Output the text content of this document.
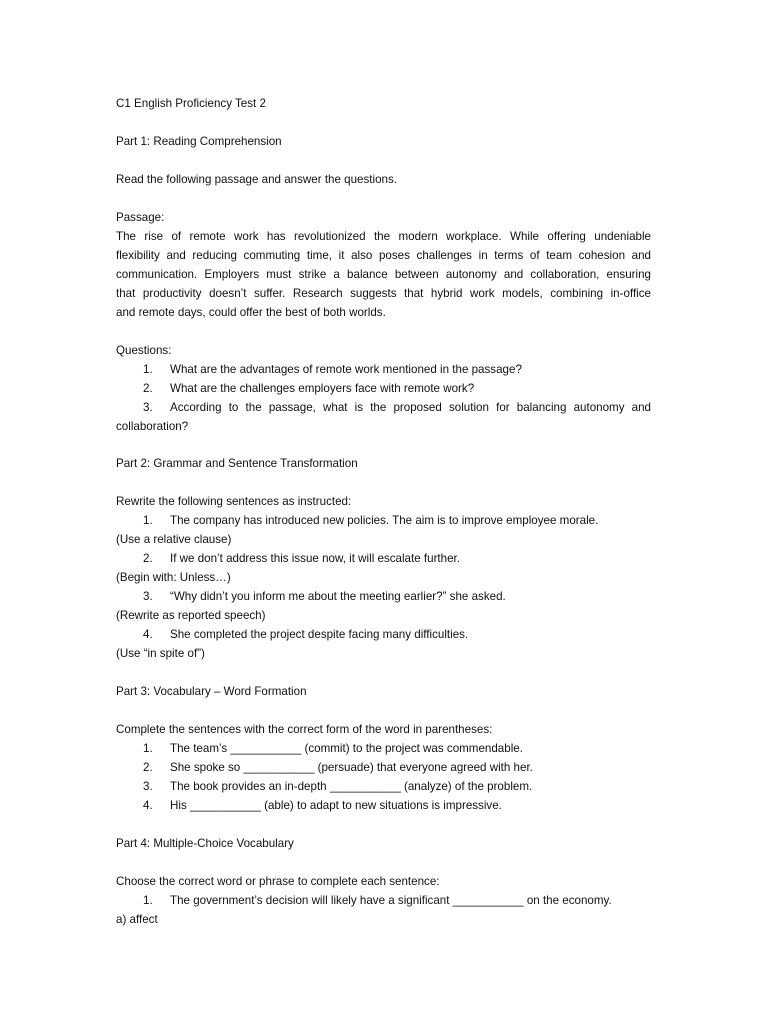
C1 English Proficiency Test 2
Part 1: Reading Comprehension
Read the following passage and answer the questions.
Passage:
The rise of remote work has revolutionized the modern workplace. While offering undeniable
flexibility and reducing commuting time, it also poses challenges in terms of team cohesion and
communication. Employers must strike a balance between autonomy and collaboration, ensuring
that productivity doesn’t suffer. Research suggests that hybrid work models, combining in-office
and remote days, could offer the best of both worlds.
Questions:
1.	What are the advantages of remote work mentioned in the passage?
2.	What are the challenges employers face with remote work?
3.	According to the passage, what is the proposed solution for balancing autonomy and
collaboration?
Part 2: Grammar and Sentence Transformation
Rewrite the following sentences as instructed:
1.	The company has introduced new policies. The aim is to improve employee morale.
(Use a relative clause)
2.	If we don’t address this issue now, it will escalate further.
(Begin with: Unless…)
3.	“Why didn’t you inform me about the meeting earlier?” she asked.
(Rewrite as reported speech)
4.	She completed the project despite facing many difficulties.
(Use “in spite of”)
Part 3: Vocabulary – Word Formation
Complete the sentences with the correct form of the word in parentheses:
1.	The team’s ___________ (commit) to the project was commendable.
2.	She spoke so ___________ (persuade) that everyone agreed with her.
3.	The book provides an in-depth ___________ (analyze) of the problem.
4.	His ___________ (able) to adapt to new situations is impressive.
Part 4: Multiple-Choice Vocabulary
Choose the correct word or phrase to complete each sentence:
1.	The government’s decision will likely have a significant ___________ on the economy.
a) affect
